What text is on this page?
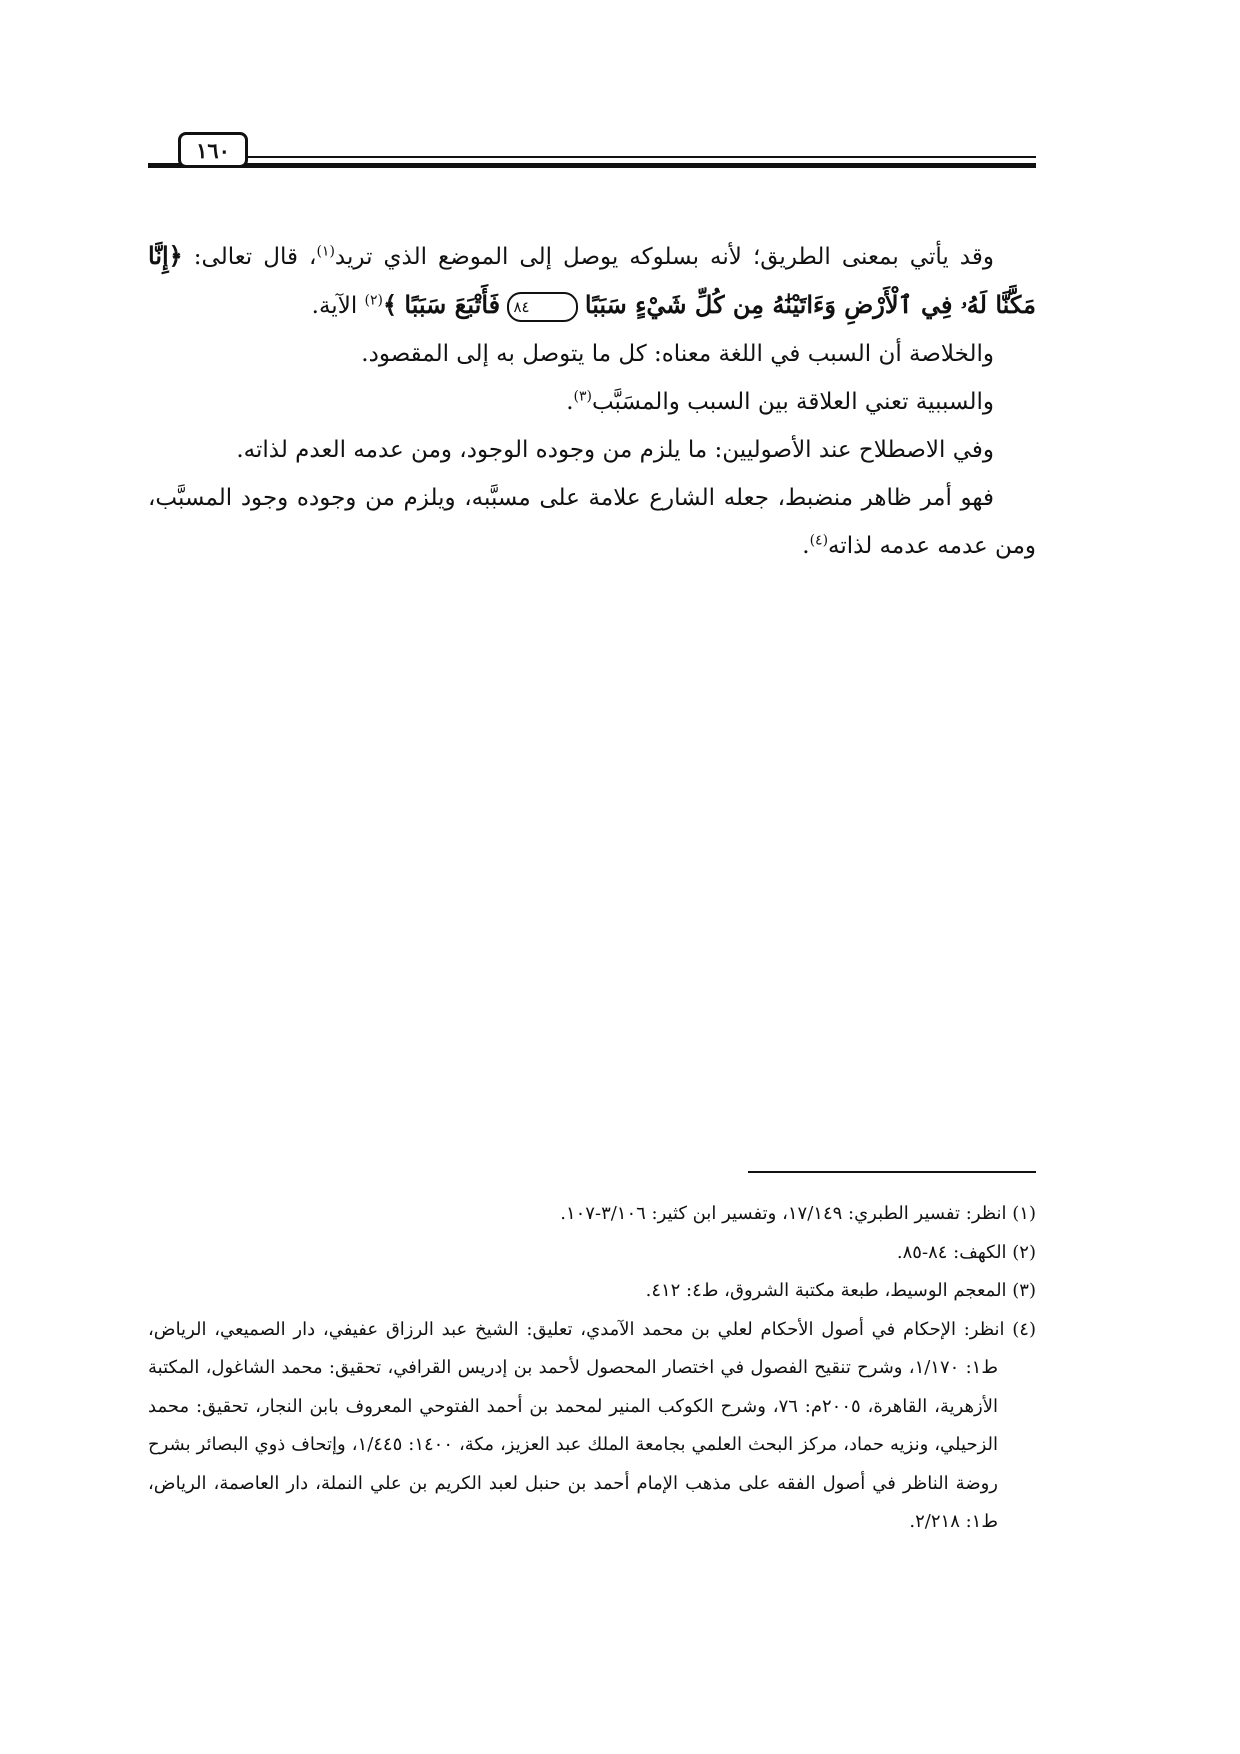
١٦٠

وقد يأتي بمعنى الطريق؛ لأنه بسلوكه يوصل إلى الموضع الذي تريد$^{(١)}$، قال تعالى: ﴿إِنَّا مَكَّنَّا لَهُۥ فِي ٱلْأَرْضِ وَءَاتَيْنَٰهُ مِن كُلِّ شَيْءٍ سَبَبًا ٨٤ فَأَتْبَعَ سَبَبًا ﴾$^{(٢)}$ الآية.

والخلاصة أن السبب في اللغة معناه: كل ما يتوصل به إلى المقصود.

والسببية تعني العلاقة بين السبب والمسَبَّب$^{(٣)}$.

وفي الاصطلاح عند الأصوليين: ما يلزم من وجوده الوجود، ومن عدمه العدم لذاته.

فهو أمر ظاهر منضبط، جعله الشارع علامة على مسبَّبه، ويلزم من وجوده وجود المسبَّب، ومن عدمه عدمه لذاته$^{(٤)}$.

(١) انظر: تفسير الطبري: ١٧/١٤٩، وتفسير ابن كثير: ٣/١٠٦-١٠٧.

(٢) الكهف: ٨٤-٨٥.

(٣) المعجم الوسيط، طبعة مكتبة الشروق، ط٤: ٤١٢.

(٤) انظر: الإحكام في أصول الأحكام لعلي بن محمد الآمدي، تعليق: الشيخ عبد الرزاق عفيفي، دار الصميعي، الرياض، ط١: ١/١٧٠، وشرح تنقيح الفصول في اختصار المحصول لأحمد بن إدريس القرافي، تحقيق: محمد الشاغول، المكتبة الأزهرية، القاهرة، ٢٠٠٥م: ٧٦، وشرح الكوكب المنير لمحمد بن أحمد الفتوحي المعروف بابن النجار، تحقيق: محمد الزحيلي، ونزيه حماد، مركز البحث العلمي بجامعة الملك عبد العزيز، مكة، ١٤٠٠: ١/٤٤٥، وإتحاف ذوي البصائر بشرح روضة الناظر في أصول الفقه على مذهب الإمام أحمد بن حنبل لعبد الكريم بن علي النملة، دار العاصمة، الرياض، ط١: ٢/٢١٨.
